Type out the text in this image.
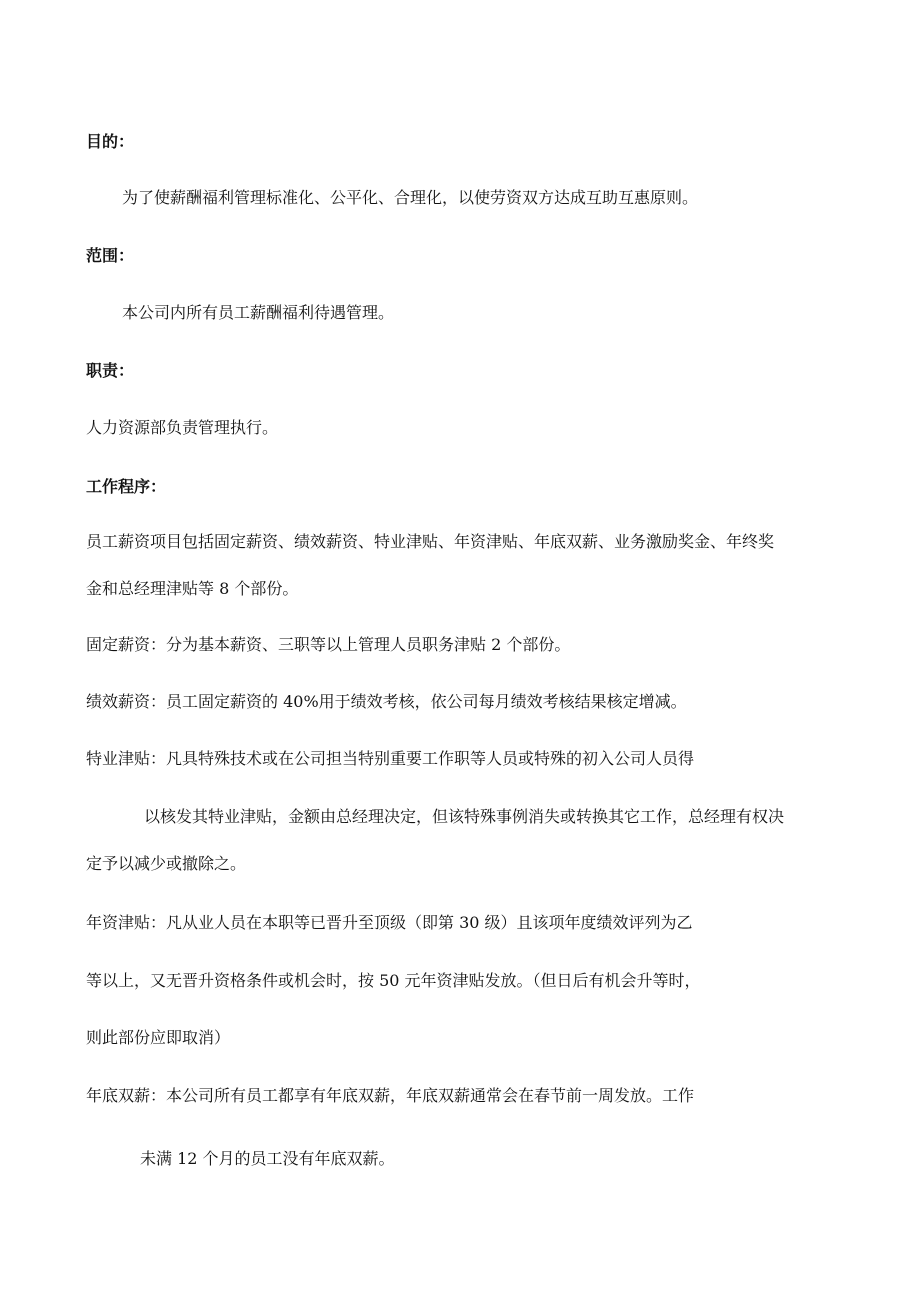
目的：
为了使薪酬福利管理标准化、公平化、合理化，以使劳资双方达成互助互惠原则。
范围：
本公司内所有员工薪酬福利待遇管理。
职责：
人力资源部负责管理执行。
工作程序：
员工薪资项目包括固定薪资、绩效薪资、特业津贴、年资津贴、年底双薪、业务激励奖金、年终奖
金和总经理津贴等 8 个部份。
固定薪资：分为基本薪资、三职等以上管理人员职务津贴 2 个部份。
绩效薪资：员工固定薪资的 40%用于绩效考核，依公司每月绩效考核结果核定增减。
特业津贴：凡具特殊技术或在公司担当特别重要工作职等人员或特殊的初入公司人员得
以核发其特业津贴，金额由总经理决定，但该特殊事例消失或转换其它工作，总经理有权决
定予以减少或撤除之。
年资津贴：凡从业人员在本职等已晋升至顶级（即第 30 级）且该项年度绩效评列为乙
等以上，又无晋升资格条件或机会时，按 50 元年资津贴发放。（但日后有机会升等时，
则此部份应即取消）
年底双薪：本公司所有员工都享有年底双薪，年底双薪通常会在春节前一周发放。工作
未满 12 个月的员工没有年底双薪。
